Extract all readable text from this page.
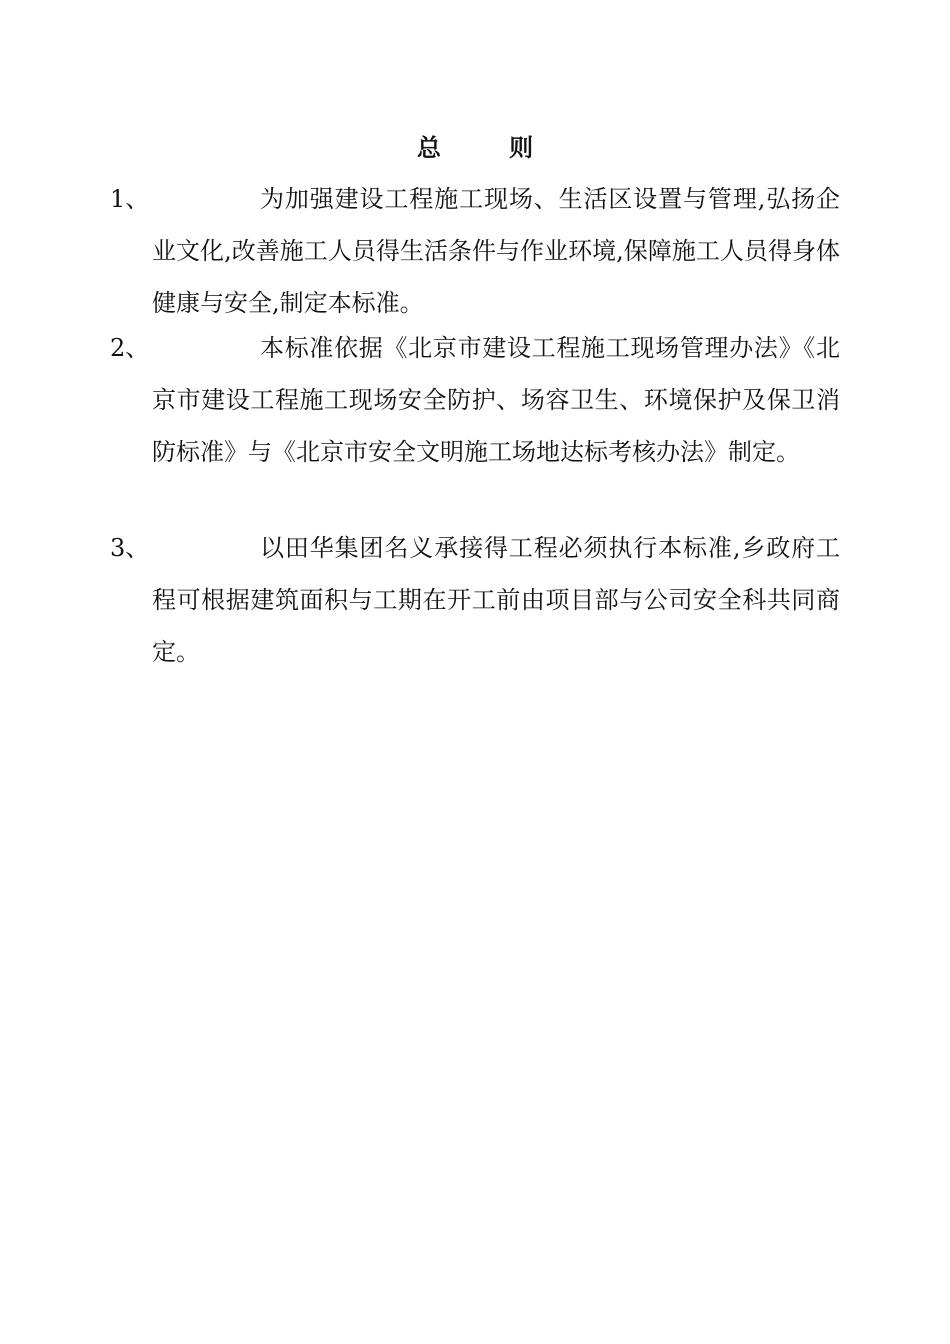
总 则
1、	为加强建设工程施工现场、生活区设置与管理,弘扬企业文化,改善施工人员得生活条件与作业环境,保障施工人员得身体健康与安全,制定本标准。
2、	本标准依据《北京市建设工程施工现场管理办法》《北京市建设工程施工现场安全防护、场容卫生、环境保护及保卫消防标准》与《北京市安全文明施工场地达标考核办法》制定。
3、	以田华集团名义承接得工程必须执行本标准,乡政府工程可根据建筑面积与工期在开工前由项目部与公司安全科共同商定。
